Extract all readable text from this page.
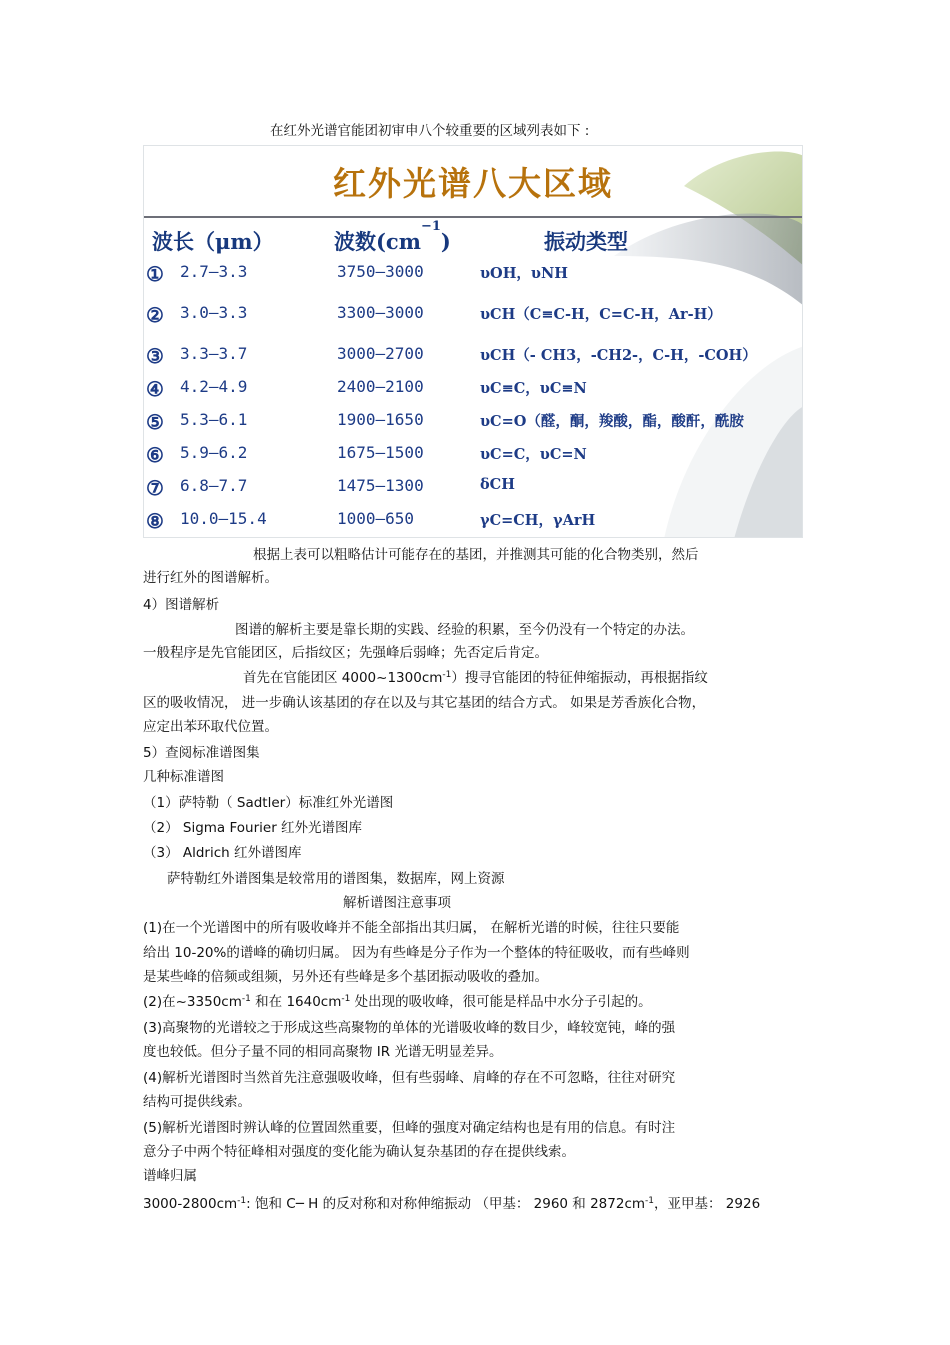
在红外光谱官能团初审申八个较重要的区域列表如下 :
红外光谱八大区域
波长（μm）	波数$(cm^{-1})$	振动类型
① 2.7—3.3	3750—3000	υOH，υNH
② 3.0—3.3	3300—3000	υCH（C≡C-H，C=C-H，Ar-H）
③ 3.3—3.7	3000—2700	υCH（- CH3，-CH2-，C-H，-COH）
④ 4.2—4.9	2400—2100	υC≡C，υC≡N
⑤ 5.3—6.1	1900—1650	υC=O（醛，酮，羧酸，酯，酸酐，酰胺
⑥ 5.9—6.2	1675—1500	υC=C，υC=N
⑦ 6.8—7.7	1475—1300	δCH
⑧ 10.0—15.4	1000—650	γC=CH，γArH
根据上表可以粗略估计可能存在的基团，并推测其可能的化合物类别，然后
进行红外的图谱解析。
4）图谱解析
图谱的解析主要是靠长期的实践、经验的积累，至今仍没有一个特定的办法。
一般程序是先官能团区，后指纹区；先强峰后弱峰；先否定后肯定。
首先在官能团区 $4000\sim 1300cm^{-1}$）搜寻官能团的特征伸缩振动，再根据指纹
区的吸收情况， 进一步确认该基团的存在以及与其它基团的结合方式。 如果是芳香族化合物，
应定出苯环取代位置。
5）查阅标准谱图集
几种标准谱图
（1）萨特勒（ Sadtler）标准红外光谱图
（2） Sigma Fourier 红外光谱图库
（3） Aldrich 红外谱图库
萨特勒红外谱图集是较常用的谱图集，数据库，网上资源
解析谱图注意事项
(1)在一个光谱图中的所有吸收峰并不能全部指出其归属， 在解析光谱的时候，往往只要能
给出 10-20%的谱峰的确切归属。 因为有些峰是分子作为一个整体的特征吸收，而有些峰则
是某些峰的倍频或组频，另外还有些峰是多个基团振动吸收的叠加。
(2)在$\sim 3350cm^{-1}$ 和在 $1640cm^{-1}$ 处出现的吸收峰，很可能是样品中水分子引起的。
(3)高聚物的光谱较之于形成这些高聚物的单体的光谱吸收峰的数目少，峰较宽钝，峰的强
度也较低。但分子量不同的相同高聚物 IR 光谱无明显差异。
(4)解析光谱图时当然首先注意强吸收峰，但有些弱峰、肩峰的存在不可忽略，往往对研究
结构可提供线索。
(5)解析光谱图时辨认峰的位置固然重要，但峰的强度对确定结构也是有用的信息。有时注
意分子中两个特征峰相对强度的变化能为确认复杂基团的存在提供线索。
谱峰归属
$3000-2800cm^{-1}$: 饱和 C─ H 的反对称和对称伸缩振动 （甲基： 2960 和 $2872cm^{-1}$，亚甲基： 2926
